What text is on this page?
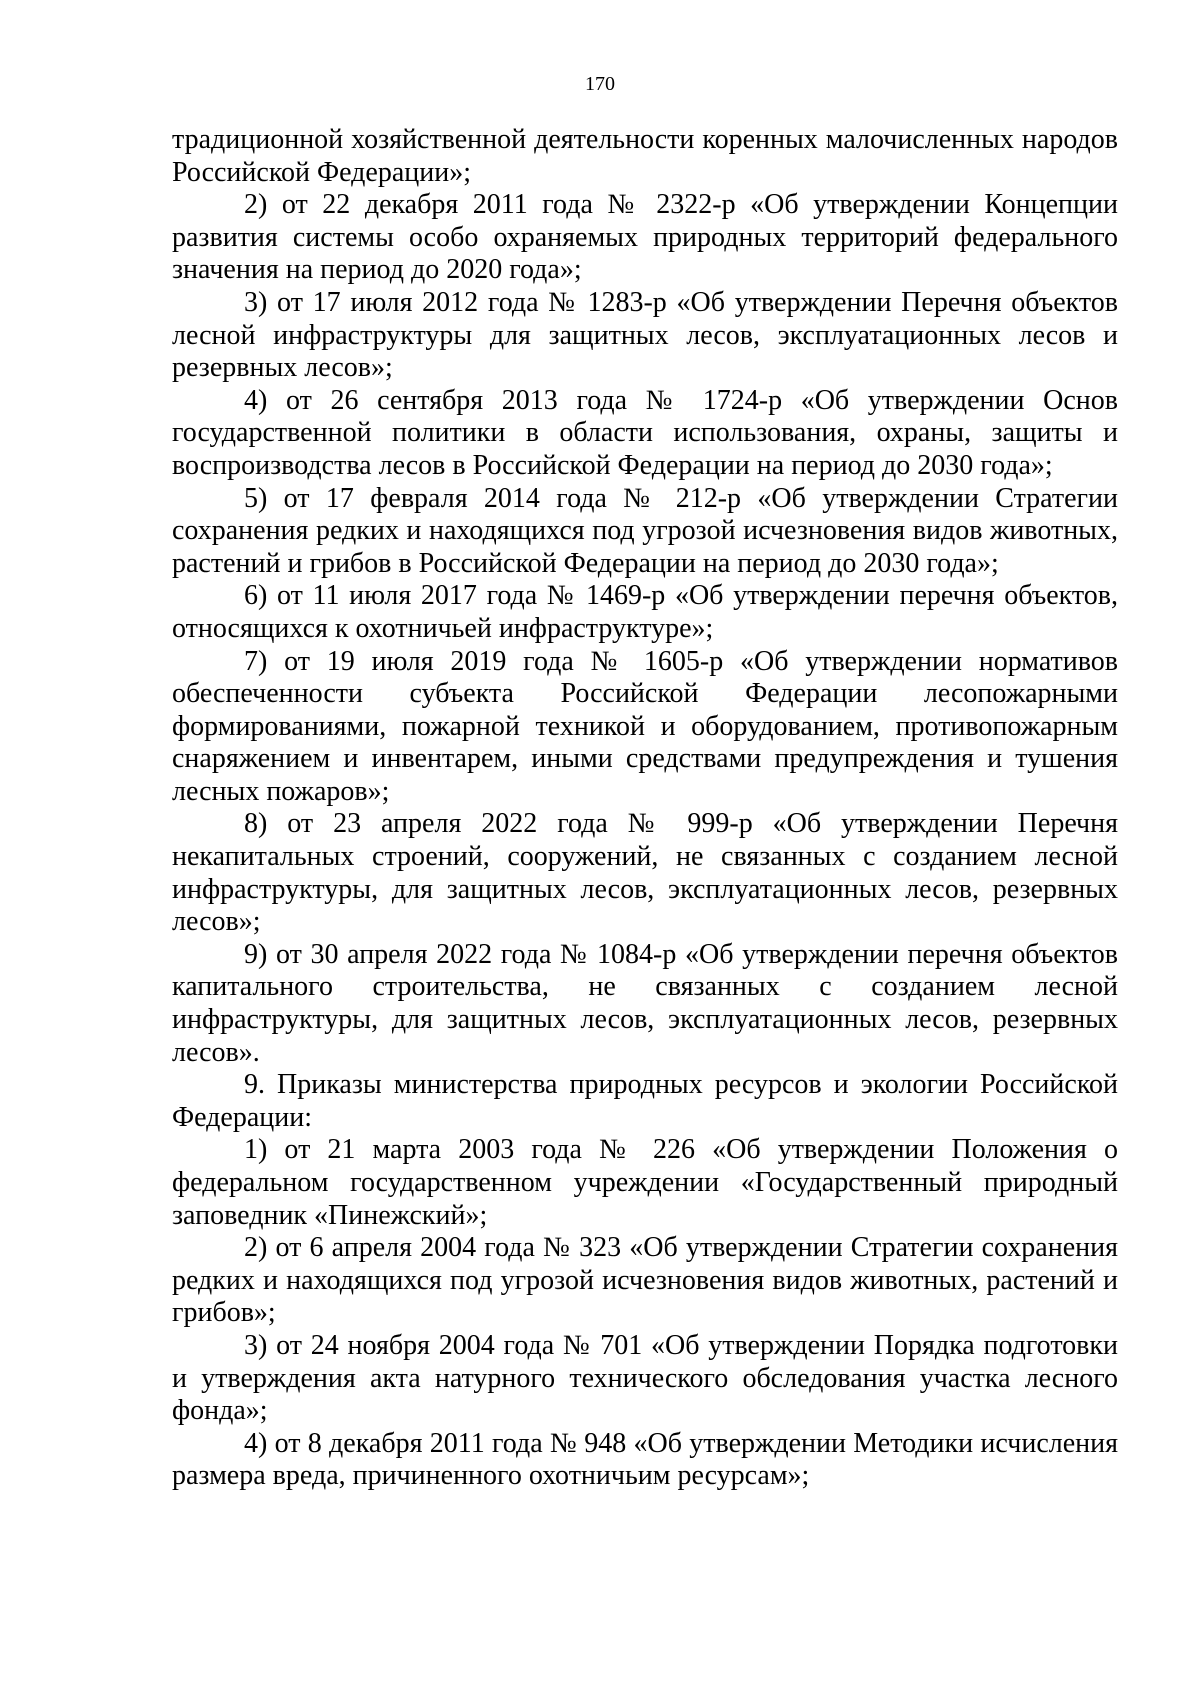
170

традиционной хозяйственной деятельности коренных малочисленных народов Российской Федерации»;

2) от 22 декабря 2011 года № 2322-р «Об утверждении Концепции развития системы особо охраняемых природных территорий федерального значения на период до 2020 года»;

3) от 17 июля 2012 года № 1283-р «Об утверждении Перечня объектов лесной инфраструктуры для защитных лесов, эксплуатационных лесов и резервных лесов»;

4) от 26 сентября 2013 года № 1724-р «Об утверждении Основ государственной политики в области использования, охраны, защиты и воспроизводства лесов в Российской Федерации на период до 2030 года»;

5) от 17 февраля 2014 года № 212-р «Об утверждении Стратегии сохранения редких и находящихся под угрозой исчезновения видов животных, растений и грибов в Российской Федерации на период до 2030 года»;

6) от 11 июля 2017 года № 1469-р «Об утверждении перечня объектов, относящихся к охотничьей инфраструктуре»;

7) от 19 июля 2019 года № 1605-р «Об утверждении нормативов обеспеченности субъекта Российской Федерации лесопожарными формированиями, пожарной техникой и оборудованием, противопожарным снаряжением и инвентарем, иными средствами предупреждения и тушения лесных пожаров»;

8) от 23 апреля 2022 года № 999-р «Об утверждении Перечня некапитальных строений, сооружений, не связанных с созданием лесной инфраструктуры, для защитных лесов, эксплуатационных лесов, резервных лесов»;

9) от 30 апреля 2022 года № 1084-р «Об утверждении перечня объектов капитального строительства, не связанных с созданием лесной инфраструктуры, для защитных лесов, эксплуатационных лесов, резервных лесов».

9. Приказы министерства природных ресурсов и экологии Российской Федерации:

1) от 21 марта 2003 года № 226 «Об утверждении Положения о федеральном государственном учреждении «Государственный природный заповедник «Пинежский»;

2) от 6 апреля 2004 года № 323 «Об утверждении Стратегии сохранения редких и находящихся под угрозой исчезновения видов животных, растений и грибов»;

3) от 24 ноября 2004 года № 701 «Об утверждении Порядка подготовки и утверждения акта натурного технического обследования участка лесного фонда»;

4) от 8 декабря 2011 года № 948 «Об утверждении Методики исчисления размера вреда, причиненного охотничьим ресурсам»;
